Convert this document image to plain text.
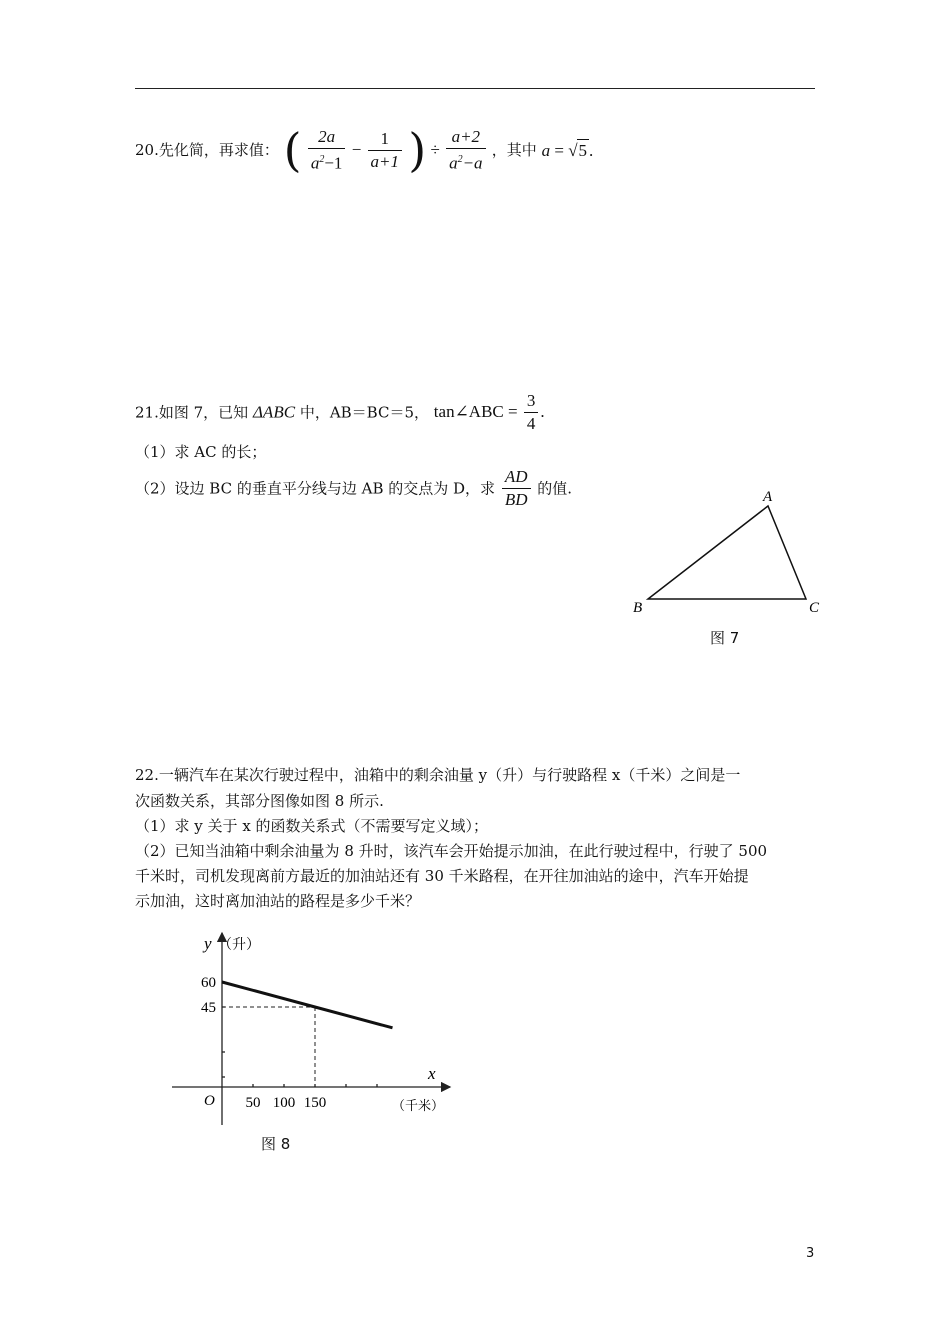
20.先化简，再求值： ( $\frac{2a}{a^2-1} - \frac{1}{a+1}$ ) ÷ $\frac{a+2}{a^2-a}$ ，其中 a = √5 .
21.如图 7，已知 ΔABC 中，AB＝BC＝5， tan∠ABC = $\frac{3}{4}$ .
（1）求 AC 的长；
（2）设边 BC 的垂直平分线与边 AB 的交点为 D，求 $\frac{AD}{BD}$ 的值.	A
B	C
图 7
22.一辆汽车在某次行驶过程中，油箱中的剩余油量 y（升）与行驶路程 x（千米）之间是一
次函数关系，其部分图像如图 8 所示.
（1）求 y 关于 x 的函数关系式（不需要写定义域）；
（2）已知当油箱中剩余油量为 8 升时，该汽车会开始提示加油，在此行驶过程中，行驶了 500
千米时，司机发现离前方最近的加油站还有 30 千米路程，在开往加油站的途中，汽车开始提
示加油，这时离加油站的路程是多少千米？
50 100 150
60
45
y （升）
x
（千米）
O
图 8
3
